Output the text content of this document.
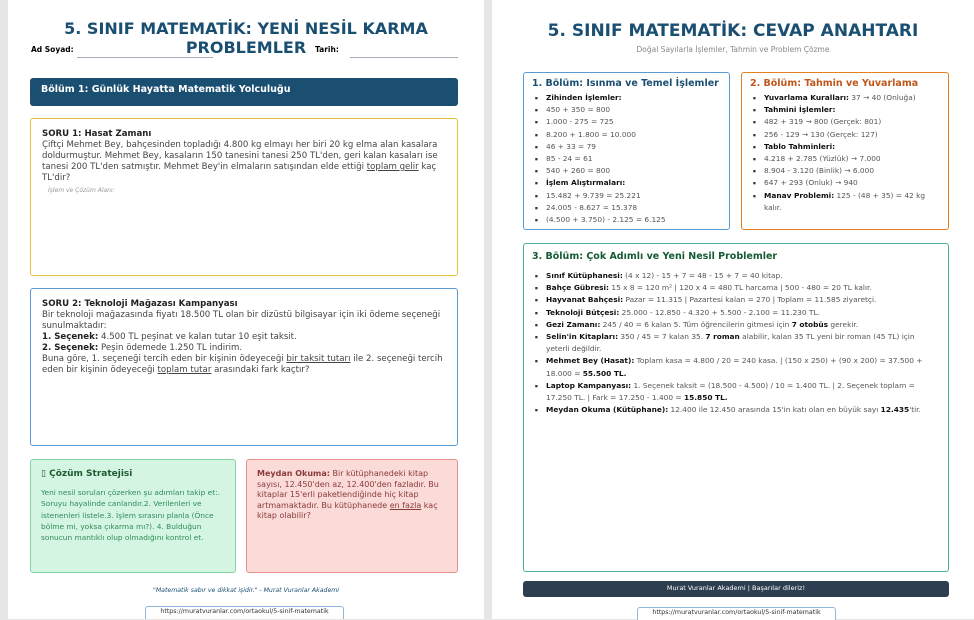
5. SINIF MATEMATİK: YENİ NESİL KARMA PROBLEMLER
Ad Soyad:	Tarih:
Bölüm 1: Günlük Hayatta Matematik Yolculuğu
SORU 1: Hasat Zamanı
Çiftçi Mehmet Bey, bahçesinden topladığı 4.800 kg elmayı her biri 20 kg elma alan kasalara doldurmuştur. Mehmet Bey, kasaların 150 tanesini tanesi 250 TL'den, geri kalan kasaları ise tanesi 200 TL'den satmıştır. Mehmet Bey'in elmaların satışından elde ettiği toplam gelir kaç TL'dir?
İşlem ve Çözüm Alanı:
SORU 2: Teknoloji Mağazası Kampanyası
Bir teknoloji mağazasında fiyatı 18.500 TL olan bir dizüstü bilgisayar için iki ödeme seçeneği sunulmaktadır:
1. Seçenek: 4.500 TL peşinat ve kalan tutar 10 eşit taksit.
2. Seçenek: Peşin ödemede 1.250 TL indirim.
Buna göre, 1. seçeneği tercih eden bir kişinin ödeyeceği bir taksit tutarı ile 2. seçeneği tercih eden bir kişinin ödeyeceği toplam tutar arasındaki fark kaçtır?
▯ Çözüm Stratejisi
Yeni nesil soruları çözerken şu adımları takip et:. Soruyu hayalinde canlandır.2. Verilenleri ve istenenleri listele.3. İşlem sırasını planla (Önce bölme mi, yoksa çıkarma mı?). 4. Bulduğun sonucun mantıklı olup olmadığını kontrol et.
Meydan Okuma: Bir kütüphanedeki kitap sayısı, 12.450'den az, 12.400'den fazladır. Bu kitaplar 15'erli paketlendiğinde hiç kitap artmamaktadır. Bu kütüphanede en fazla kaç kitap olabilir?
"Matematik sabır ve dikkat işidir." - Murat Vuranlar Akademi
https://muratvuranlar.com/ortaokul/5-sinif-matematik
5. SINIF MATEMATİK: CEVAP ANAHTARI
Doğal Sayılarla İşlemler, Tahmin ve Problem Çözme
1. Bölüm: Isınma ve Temel İşlemler
■ Zihinden İşlemler:
■ 450 + 350 = 800
■ 1.000 - 275 = 725
■ 8.200 + 1.800 = 10.000
■ 46 + 33 = 79
■ 85 - 24 = 61
■ 540 + 260 = 800
■ İşlem Alıştırmaları:
■ 15.482 + 9.739 = 25.221
■ 24.005 - 8.627 = 15.378
■ (4.500 + 3.750) - 2.125 = 6.125
2. Bölüm: Tahmin ve Yuvarlama
■ Yuvarlama Kuralları: 37 → 40 (Onluğa)
■ Tahmini İşlemler:
■ 482 + 319 → 800 (Gerçek: 801)
■ 256 - 129 → 130 (Gerçek: 127)
■ Tablo Tahminleri:
■ 4.218 + 2.785 (Yüzlük) → 7.000
■ 8.904 - 3.120 (Binlik) → 6.000
■ 647 + 293 (Onluk) → 940
■ Manav Problemi: 125 - (48 + 35) = 42 kg kalır.
3. Bölüm: Çok Adımlı ve Yeni Nesil Problemler
■ Sınıf Kütüphanesi: (4 x 12) - 15 + 7 = 48 - 15 + 7 = 40 kitap.
■ Bahçe Gübresi: 15 x 8 = 120 m² | 120 x 4 = 480 TL harcama | 500 - 480 = 20 TL kalır.
■ Hayvanat Bahçesi: Pazar = 11.315 | Pazartesi kalan = 270 | Toplam = 11.585 ziyaretçi.
■ Teknoloji Bütçesi: 25.000 - 12.850 - 4.320 + 5.500 - 2.100 = 11.230 TL.
■ Gezi Zamanı: 245 / 40 = 6 kalan 5. Tüm öğrencilerin gitmesi için 7 otobüs gerekir.
■ Selin'in Kitapları: 350 / 45 = 7 kalan 35. 7 roman alabilir, kalan 35 TL yeni bir roman (45 TL) için yeterli değildir.
■ Mehmet Bey (Hasat): Toplam kasa = 4.800 / 20 = 240 kasa. | (150 x 250) + (90 x 200) = 37.500 + 18.000 = 55.500 TL.
■ Laptop Kampanyası: 1. Seçenek taksit = (18.500 - 4.500) / 10 = 1.400 TL. | 2. Seçenek toplam = 17.250 TL. | Fark = 17.250 - 1.400 = 15.850 TL.
■ Meydan Okuma (Kütüphane): 12.400 ile 12.450 arasında 15'in katı olan en büyük sayı 12.435'tir.
Murat Vuranlar Akademi | Başarılar dileriz!
https://muratvuranlar.com/ortaokul/5-sinif-matematik
